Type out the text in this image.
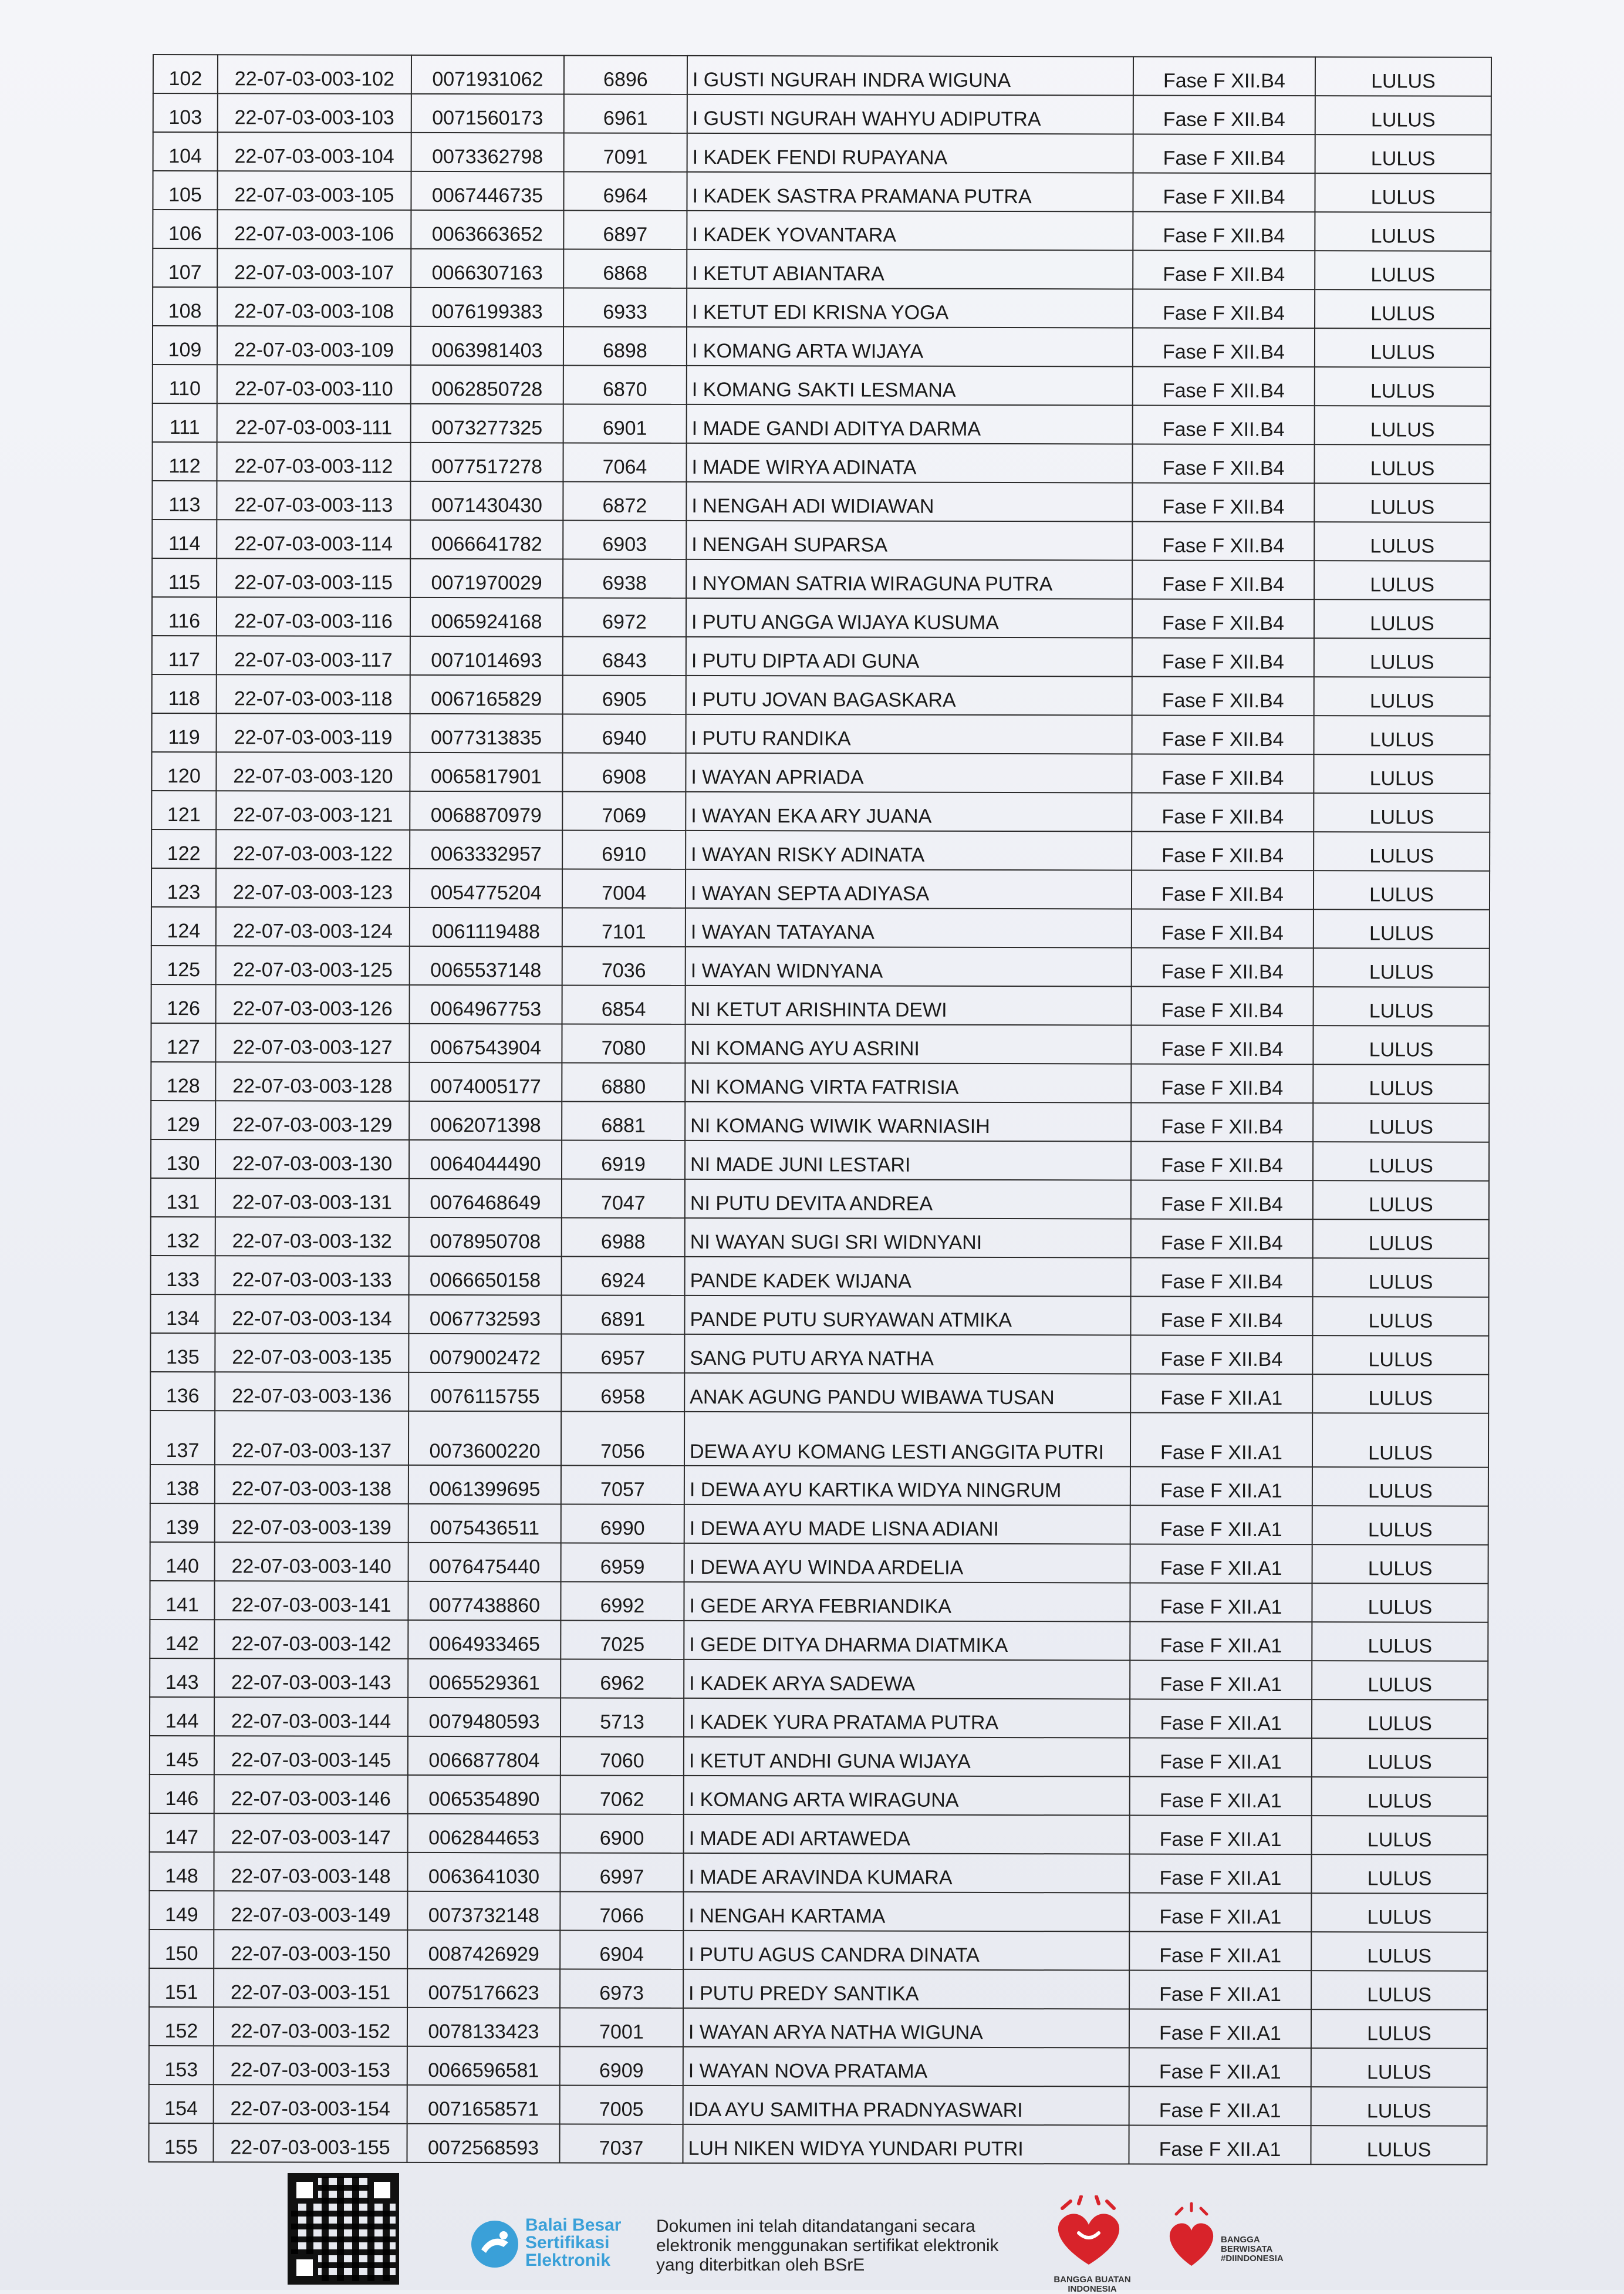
102	22-07-03-003-102	0071931062	6896	I GUSTI NGURAH INDRA WIGUNA	Fase F XII.B4	LULUS
103	22-07-03-003-103	0071560173	6961	I GUSTI NGURAH WAHYU ADIPUTRA	Fase F XII.B4	LULUS
104	22-07-03-003-104	0073362798	7091	I KADEK FENDI RUPAYANA	Fase F XII.B4	LULUS
105	22-07-03-003-105	0067446735	6964	I KADEK SASTRA PRAMANA PUTRA	Fase F XII.B4	LULUS
106	22-07-03-003-106	0063663652	6897	I KADEK YOVANTARA	Fase F XII.B4	LULUS
107	22-07-03-003-107	0066307163	6868	I KETUT ABIANTARA	Fase F XII.B4	LULUS
108	22-07-03-003-108	0076199383	6933	I KETUT EDI KRISNA YOGA	Fase F XII.B4	LULUS
109	22-07-03-003-109	0063981403	6898	I KOMANG ARTA WIJAYA	Fase F XII.B4	LULUS
110	22-07-03-003-110	0062850728	6870	I KOMANG SAKTI LESMANA	Fase F XII.B4	LULUS
111	22-07-03-003-111	0073277325	6901	I MADE GANDI ADITYA DARMA	Fase F XII.B4	LULUS
112	22-07-03-003-112	0077517278	7064	I MADE WIRYA ADINATA	Fase F XII.B4	LULUS
113	22-07-03-003-113	0071430430	6872	I NENGAH ADI WIDIAWAN	Fase F XII.B4	LULUS
114	22-07-03-003-114	0066641782	6903	I NENGAH SUPARSA	Fase F XII.B4	LULUS
115	22-07-03-003-115	0071970029	6938	I NYOMAN SATRIA WIRAGUNA PUTRA	Fase F XII.B4	LULUS
116	22-07-03-003-116	0065924168	6972	I PUTU ANGGA WIJAYA KUSUMA	Fase F XII.B4	LULUS
117	22-07-03-003-117	0071014693	6843	I PUTU DIPTA ADI GUNA	Fase F XII.B4	LULUS
118	22-07-03-003-118	0067165829	6905	I PUTU JOVAN BAGASKARA	Fase F XII.B4	LULUS
119	22-07-03-003-119	0077313835	6940	I PUTU RANDIKA	Fase F XII.B4	LULUS
120	22-07-03-003-120	0065817901	6908	I WAYAN APRIADA	Fase F XII.B4	LULUS
121	22-07-03-003-121	0068870979	7069	I WAYAN EKA ARY JUANA	Fase F XII.B4	LULUS
122	22-07-03-003-122	0063332957	6910	I WAYAN RISKY ADINATA	Fase F XII.B4	LULUS
123	22-07-03-003-123	0054775204	7004	I WAYAN SEPTA ADIYASA	Fase F XII.B4	LULUS
124	22-07-03-003-124	0061119488	7101	I WAYAN TATAYANA	Fase F XII.B4	LULUS
125	22-07-03-003-125	0065537148	7036	I WAYAN WIDNYANA	Fase F XII.B4	LULUS
126	22-07-03-003-126	0064967753	6854	NI KETUT ARISHINTA DEWI	Fase F XII.B4	LULUS
127	22-07-03-003-127	0067543904	7080	NI KOMANG AYU ASRINI	Fase F XII.B4	LULUS
128	22-07-03-003-128	0074005177	6880	NI KOMANG VIRTA FATRISIA	Fase F XII.B4	LULUS
129	22-07-03-003-129	0062071398	6881	NI KOMANG WIWIK WARNIASIH	Fase F XII.B4	LULUS
130	22-07-03-003-130	0064044490	6919	NI MADE JUNI LESTARI	Fase F XII.B4	LULUS
131	22-07-03-003-131	0076468649	7047	NI PUTU DEVITA ANDREA	Fase F XII.B4	LULUS
132	22-07-03-003-132	0078950708	6988	NI WAYAN SUGI SRI WIDNYANI	Fase F XII.B4	LULUS
133	22-07-03-003-133	0066650158	6924	PANDE KADEK WIJANA	Fase F XII.B4	LULUS
134	22-07-03-003-134	0067732593	6891	PANDE PUTU SURYAWAN ATMIKA	Fase F XII.B4	LULUS
135	22-07-03-003-135	0079002472	6957	SANG PUTU ARYA NATHA	Fase F XII.B4	LULUS
136	22-07-03-003-136	0076115755	6958	ANAK AGUNG PANDU WIBAWA TUSAN	Fase F XII.A1	LULUS
137	22-07-03-003-137	0073600220	7056	DEWA AYU KOMANG LESTI ANGGITA PUTRI	Fase F XII.A1	LULUS
138	22-07-03-003-138	0061399695	7057	I DEWA AYU KARTIKA WIDYA NINGRUM	Fase F XII.A1	LULUS
139	22-07-03-003-139	0075436511	6990	I DEWA AYU MADE LISNA ADIANI	Fase F XII.A1	LULUS
140	22-07-03-003-140	0076475440	6959	I DEWA AYU WINDA ARDELIA	Fase F XII.A1	LULUS
141	22-07-03-003-141	0077438860	6992	I GEDE ARYA FEBRIANDIKA	Fase F XII.A1	LULUS
142	22-07-03-003-142	0064933465	7025	I GEDE DITYA DHARMA DIATMIKA	Fase F XII.A1	LULUS
143	22-07-03-003-143	0065529361	6962	I KADEK ARYA SADEWA	Fase F XII.A1	LULUS
144	22-07-03-003-144	0079480593	5713	I KADEK YURA PRATAMA PUTRA	Fase F XII.A1	LULUS
145	22-07-03-003-145	0066877804	7060	I KETUT ANDHI GUNA WIJAYA	Fase F XII.A1	LULUS
146	22-07-03-003-146	0065354890	7062	I KOMANG ARTA WIRAGUNA	Fase F XII.A1	LULUS
147	22-07-03-003-147	0062844653	6900	I MADE ADI ARTAWEDA	Fase F XII.A1	LULUS
148	22-07-03-003-148	0063641030	6997	I MADE ARAVINDA KUMARA	Fase F XII.A1	LULUS
149	22-07-03-003-149	0073732148	7066	I NENGAH KARTAMA	Fase F XII.A1	LULUS
150	22-07-03-003-150	0087426929	6904	I PUTU AGUS CANDRA DINATA	Fase F XII.A1	LULUS
151	22-07-03-003-151	0075176623	6973	I PUTU PREDY SANTIKA	Fase F XII.A1	LULUS
152	22-07-03-003-152	0078133423	7001	I WAYAN ARYA NATHA WIGUNA	Fase F XII.A1	LULUS
153	22-07-03-003-153	0066596581	6909	I WAYAN NOVA PRATAMA	Fase F XII.A1	LULUS
154	22-07-03-003-154	0071658571	7005	IDA AYU SAMITHA PRADNYASWARI	Fase F XII.A1	LULUS
155	22-07-03-003-155	0072568593	7037	LUH NIKEN WIDYA YUNDARI PUTRI	Fase F XII.A1	LULUS
Balai Besar Sertifikasi Elektronik
Dokumen ini telah ditandatangani secara elektronik menggunakan sertifikat elektronik yang diterbitkan oleh BSrE
BANGGA BUATAN INDONESIA
BANGGA BERWISATA #DIINDONESIA
